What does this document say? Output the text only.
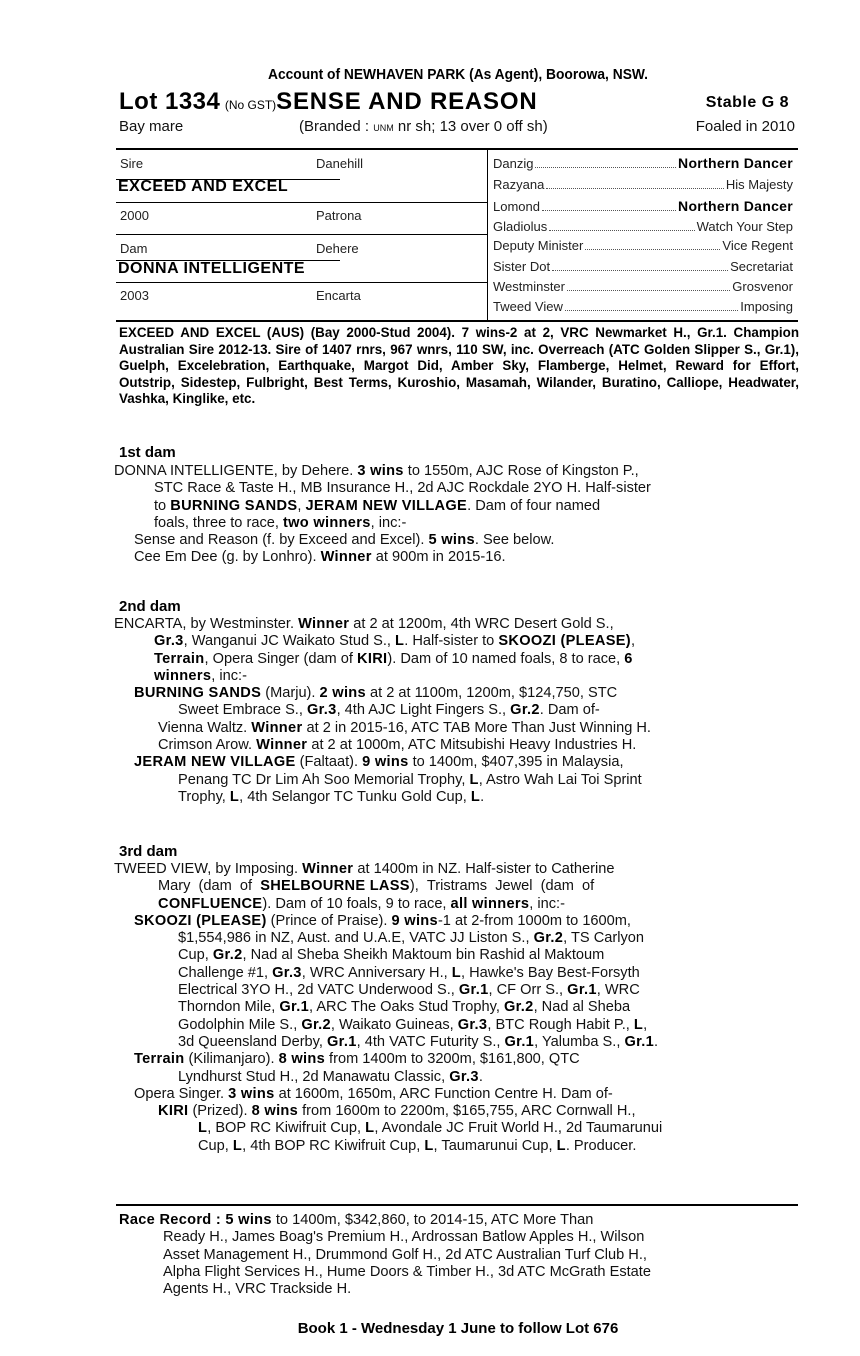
Account of NEWHAVEN PARK (As Agent), Boorowa, NSW.
Lot 1334 (No GST)SENSE AND REASON	Stable G 8
Bay mare	(Branded : UNM nr sh; 13 over 0 off sh)	Foaled in 2010
Sire	Danehill
EXCEED AND EXCEL
2000	Patrona
Dam	Dehere
DONNA INTELLIGENTE
2003	Encarta
Danzig	Northern Dancer
Razyana	His Majesty
Lomond	Northern Dancer
Gladiolus	Watch Your Step
Deputy Minister	Vice Regent
Sister Dot	Secretariat
Westminster	Grosvenor
Tweed View	Imposing
EXCEED AND EXCEL (AUS) (Bay 2000-Stud 2004). 7 wins-2 at 2, VRC Newmarket H., Gr.1. Champion Australian Sire 2012-13. Sire of 1407 rnrs, 967 wnrs, 110 SW, inc. Overreach (ATC Golden Slipper S., Gr.1), Guelph, Excelebration, Earthquake, Margot Did, Amber Sky, Flamberge, Helmet, Reward for Effort, Outstrip, Sidestep, Fulbright, Best Terms, Kuroshio, Masamah, Wilander, Buratino, Calliope, Headwater, Vashka, Kinglike, etc.
1st dam
DONNA INTELLIGENTE, by Dehere. 3 wins to 1550m, AJC Rose of Kingston P.,
STC Race & Taste H., MB Insurance H., 2d AJC Rockdale 2YO H. Half-sister
to BURNING SANDS, JERAM NEW VILLAGE. Dam of four named
foals, three to race, two winners, inc:-
Sense and Reason (f. by Exceed and Excel). 5 wins. See below.
Cee Em Dee (g. by Lonhro). Winner at 900m in 2015-16.
2nd dam
ENCARTA, by Westminster. Winner at 2 at 1200m, 4th WRC Desert Gold S.,
Gr.3, Wanganui JC Waikato Stud S., L. Half-sister to SKOOZI (PLEASE),
Terrain, Opera Singer (dam of KIRI). Dam of 10 named foals, 8 to race, 6
winners, inc:-
BURNING SANDS (Marju). 2 wins at 2 at 1100m, 1200m, $124,750, STC
Sweet Embrace S., Gr.3, 4th AJC Light Fingers S., Gr.2. Dam of-
Vienna Waltz. Winner at 2 in 2015-16, ATC TAB More Than Just Winning H.
Crimson Arow. Winner at 2 at 1000m, ATC Mitsubishi Heavy Industries H.
JERAM NEW VILLAGE (Faltaat). 9 wins to 1400m, $407,395 in Malaysia,
Penang TC Dr Lim Ah Soo Memorial Trophy, L, Astro Wah Lai Toi Sprint
Trophy, L, 4th Selangor TC Tunku Gold Cup, L.
3rd dam
TWEED VIEW, by Imposing. Winner at 1400m in NZ. Half-sister to Catherine
Mary  (dam  of  SHELBOURNE LASS),  Tristrams  Jewel  (dam  of
CONFLUENCE). Dam of 10 foals, 9 to race, all winners, inc:-
SKOOZI (PLEASE) (Prince of Praise). 9 wins-1 at 2-from 1000m to 1600m,
$1,554,986 in NZ, Aust. and U.A.E, VATC JJ Liston S., Gr.2, TS Carlyon
Cup, Gr.2, Nad al Sheba Sheikh Maktoum bin Rashid al Maktoum
Challenge #1, Gr.3, WRC Anniversary H., L, Hawke's Bay Best-Forsyth
Electrical 3YO H., 2d VATC Underwood S., Gr.1, CF Orr S., Gr.1, WRC
Thorndon Mile, Gr.1, ARC The Oaks Stud Trophy, Gr.2, Nad al Sheba
Godolphin Mile S., Gr.2, Waikato Guineas, Gr.3, BTC Rough Habit P., L,
3d Queensland Derby, Gr.1, 4th VATC Futurity S., Gr.1, Yalumba S., Gr.1.
Terrain (Kilimanjaro). 8 wins from 1400m to 3200m, $161,800, QTC
Lyndhurst Stud H., 2d Manawatu Classic, Gr.3.
Opera Singer. 3 wins at 1600m, 1650m, ARC Function Centre H. Dam of-
KIRI (Prized). 8 wins from 1600m to 2200m, $165,755, ARC Cornwall H.,
L, BOP RC Kiwifruit Cup, L, Avondale JC Fruit World H., 2d Taumarunui
Cup, L, 4th BOP RC Kiwifruit Cup, L, Taumarunui Cup, L. Producer.
Race Record : 5 wins to 1400m, $342,860, to 2014-15, ATC More Than
Ready H., James Boag's Premium H., Ardrossan Batlow Apples H., Wilson
Asset Management H., Drummond Golf H., 2d ATC Australian Turf Club H.,
Alpha Flight Services H., Hume Doors & Timber H., 3d ATC McGrath Estate
Agents H., VRC Trackside H.
Book 1 - Wednesday 1 June to follow Lot 676
